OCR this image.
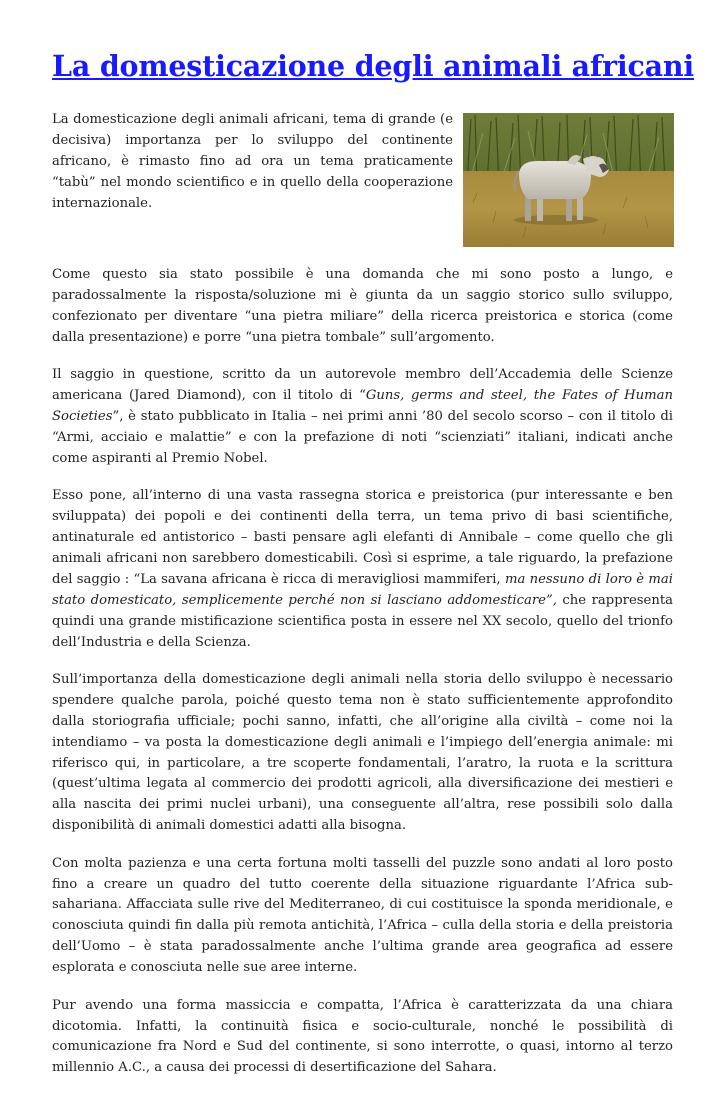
La domesticazione degli animali africani

La domesticazione degli animali africani, tema di grande (e decisiva) importanza per lo sviluppo del continente africano, è rimasto fino ad ora un tema praticamente “tabù” nel mondo scientifico e in quello della cooperazione internazionale.

Come questo sia stato possibile è una domanda che mi sono posto a lungo, e paradossalmente la risposta/soluzione mi è giunta da un saggio storico sullo sviluppo, confezionato per diventare “una pietra miliare” della ricerca preistorica e storica (come dalla presentazione) e porre “una pietra tombale” sull’argomento.

Il saggio in questione, scritto da un autorevole membro dell’Accademia delle Scienze americana (Jared Diamond), con il titolo di “Guns, germs and steel, the Fates of Human Societies”, è stato pubblicato in Italia – nei primi anni ’80 del secolo scorso – con il titolo di “Armi, acciaio e malattie” e con la prefazione di noti “scienziati” italiani, indicati anche come aspiranti al Premio Nobel.

Esso pone, all’interno di una vasta rassegna storica e preistorica (pur interessante e ben sviluppata) dei popoli e dei continenti della terra, un tema privo di basi scientifiche, antinaturale ed antistorico – basti pensare agli elefanti di Annibale – come quello che gli animali africani non sarebbero domesticabili. Così si esprime, a tale riguardo, la prefazione del saggio : “La savana africana è ricca di meravigliosi mammiferi, ma nessuno di loro è mai stato domesticato, semplicemente perché non si lasciano addomesticare”, che rappresenta quindi una grande mistificazione scientifica posta in essere nel XX secolo, quello del trionfo dell’Industria e della Scienza.

Sull’importanza della domesticazione degli animali nella storia dello sviluppo è necessario spendere qualche parola, poiché questo tema non è stato sufficientemente approfondito dalla storiografia ufficiale; pochi sanno, infatti, che all’origine alla civiltà – come noi la intendiamo – va posta la domesticazione degli animali e l’impiego dell’energia animale: mi riferisco qui, in particolare, a tre scoperte fondamentali, l’aratro, la ruota e la scrittura (quest’ultima legata al commercio dei prodotti agricoli, alla diversificazione dei mestieri e alla nascita dei primi nuclei urbani), una conseguente all’altra, rese possibili solo dalla disponibilità di animali domestici adatti alla bisogna.

Con molta pazienza e una certa fortuna molti tasselli del puzzle sono andati al loro posto fino a creare un quadro del tutto coerente della situazione riguardante l’Africa sub-sahariana. Affacciata sulle rive del Mediterraneo, di cui costituisce la sponda meridionale, e conosciuta quindi fin dalla più remota antichità, l’Africa – culla della storia e della preistoria dell’Uomo – è stata paradossalmente anche l’ultima grande area geografica ad essere esplorata e conosciuta nelle sue aree interne.

Pur avendo una forma massiccia e compatta, l’Africa è caratterizzata da una chiara dicotomia. Infatti, la continuità fisica e socio-culturale, nonché le possibilità di comunicazione fra Nord e Sud del continente, si sono interrotte, o quasi, intorno al terzo millennio A.C., a causa dei processi di desertificazione del Sahara.
